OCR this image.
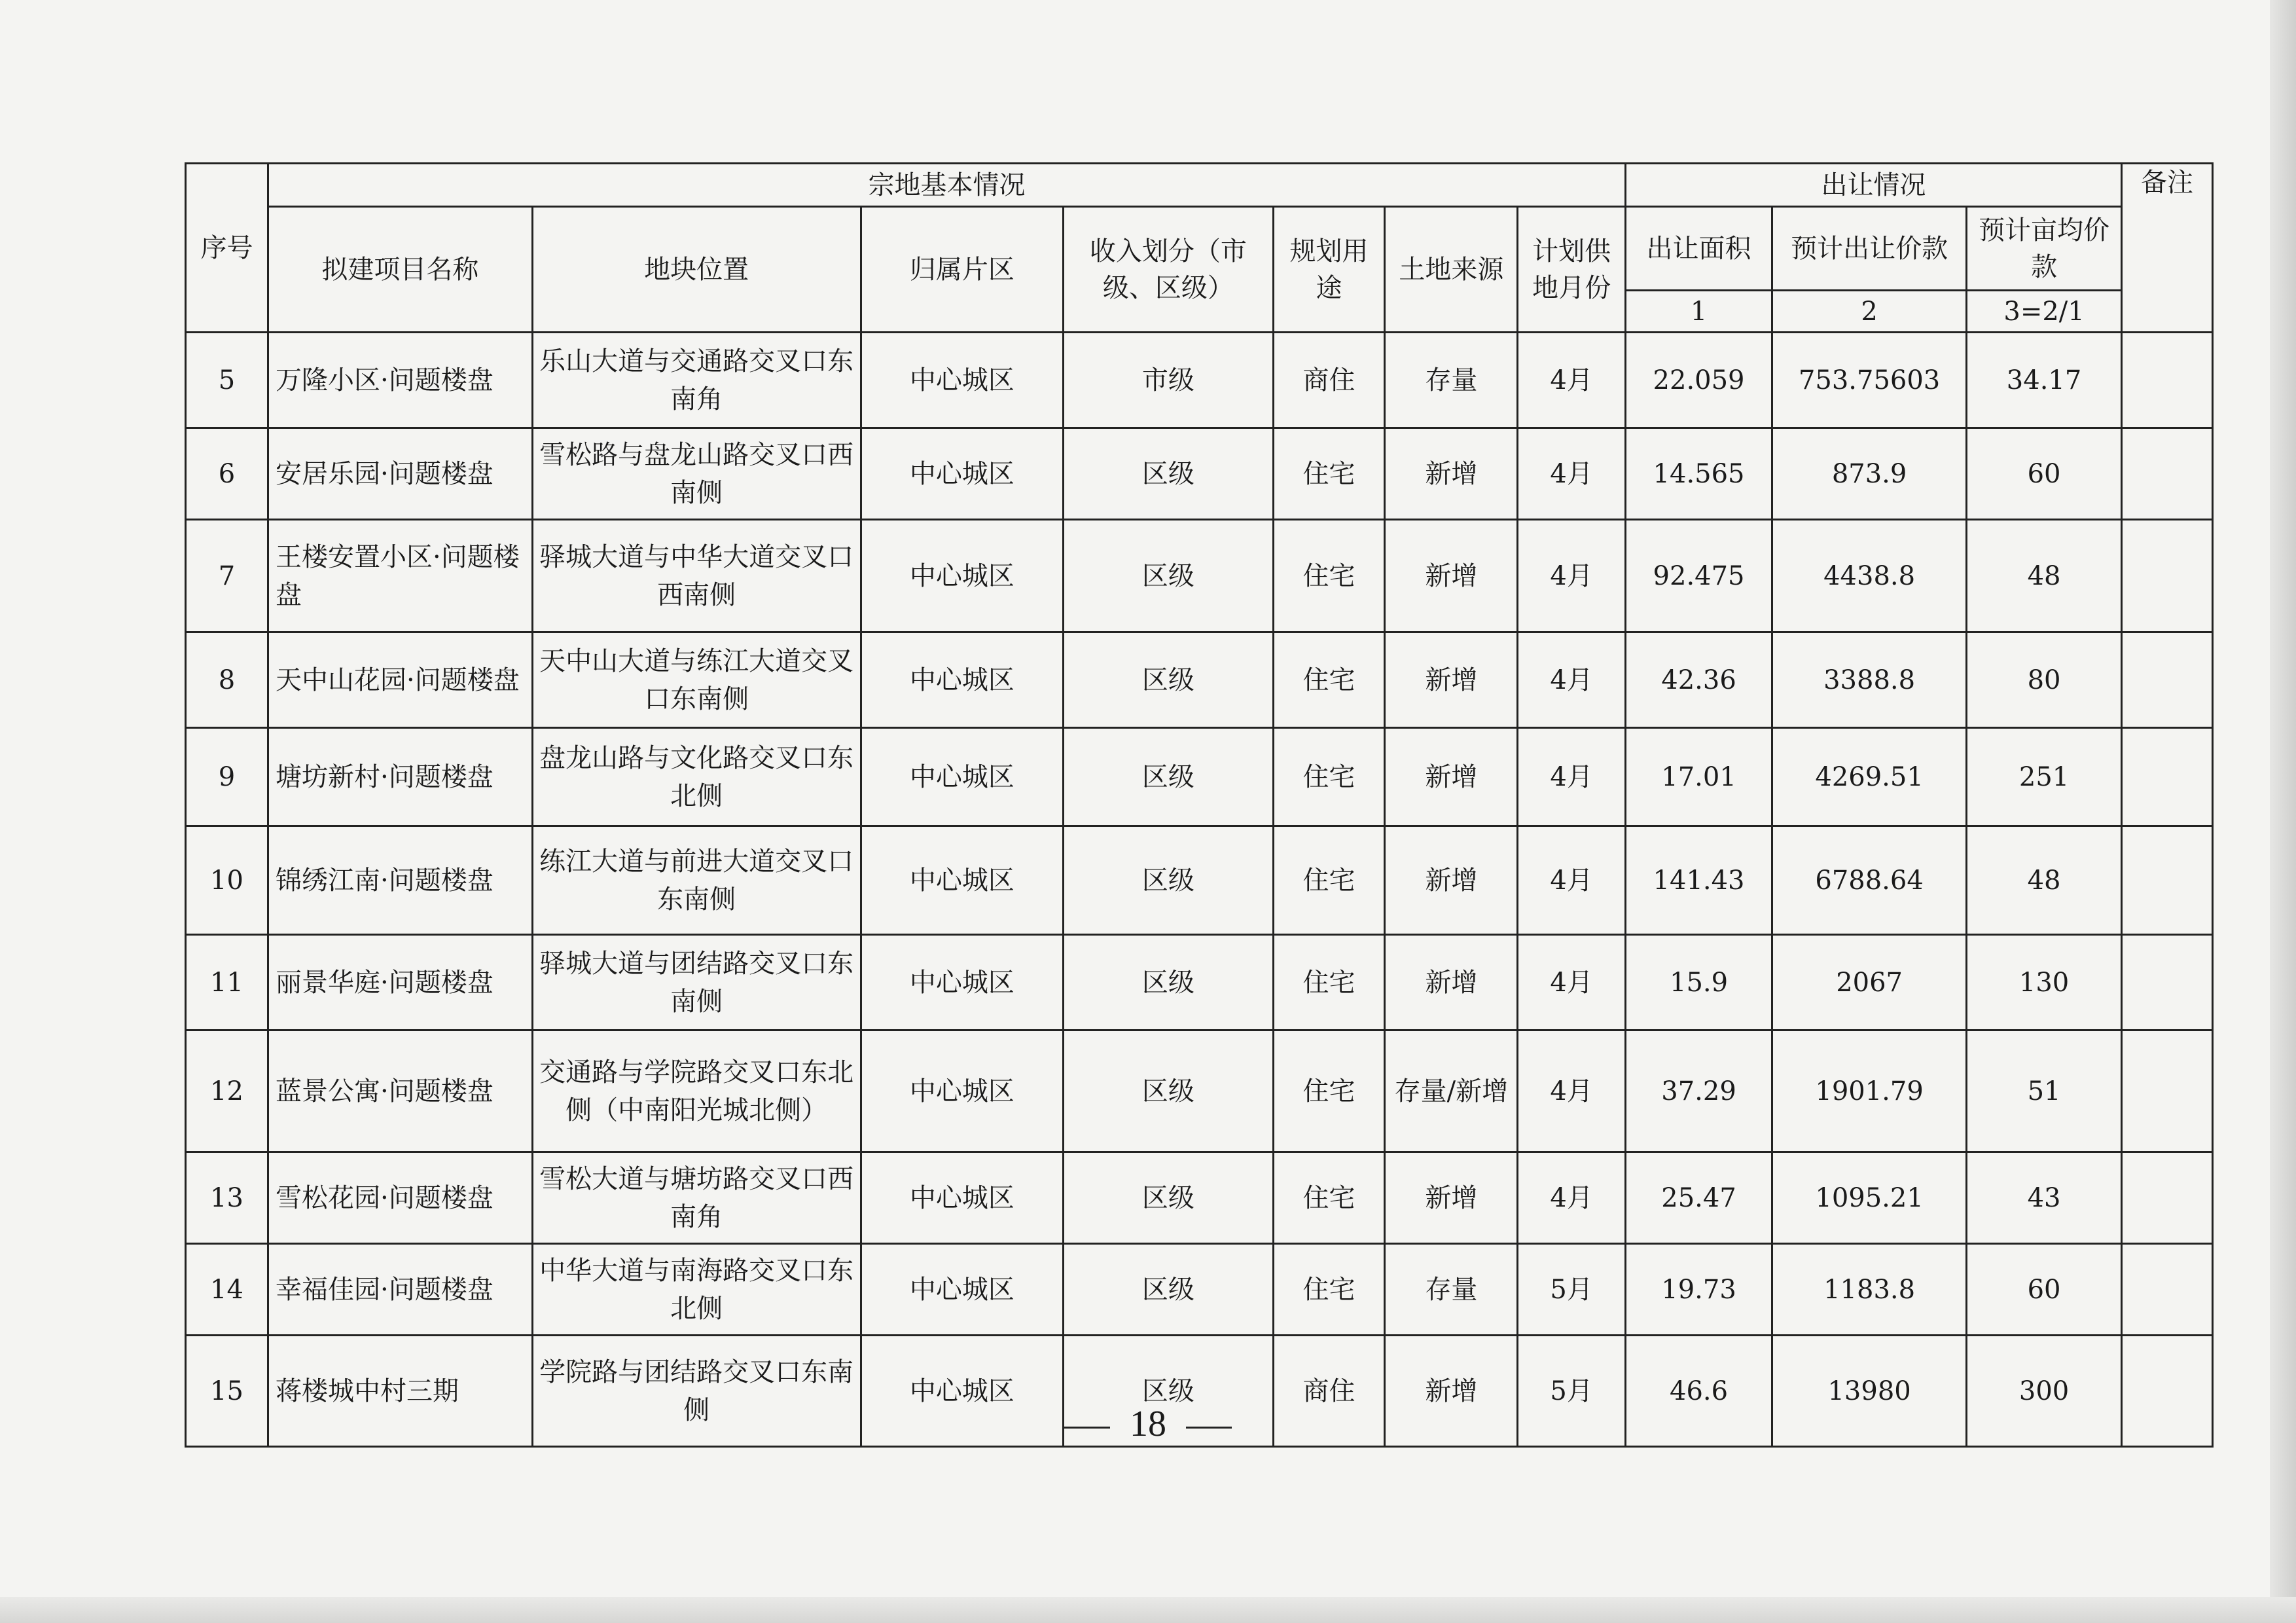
序号	宗地基本情况							出让情况			备注
	拟建项目名称	地块位置	归属片区	收入划分（市级、区级）	规划用途	土地来源	计划供地月份	出让面积	预计出让价款	预计亩均价款	
								1	2	3=2/1	
5	万隆小区·问题楼盘	乐山大道与交通路交叉口东南角	中心城区	市级	商住	存量	4月	22.059	753.75603	34.17	
6	安居乐园·问题楼盘	雪松路与盘龙山路交叉口西南侧	中心城区	区级	住宅	新增	4月	14.565	873.9	60	
7	王楼安置小区·问题楼盘	驿城大道与中华大道交叉口西南侧	中心城区	区级	住宅	新增	4月	92.475	4438.8	48	
8	天中山花园·问题楼盘	天中山大道与练江大道交叉口东南侧	中心城区	区级	住宅	新增	4月	42.36	3388.8	80	
9	塘坊新村·问题楼盘	盘龙山路与文化路交叉口东北侧	中心城区	区级	住宅	新增	4月	17.01	4269.51	251	
10	锦绣江南·问题楼盘	练江大道与前进大道交叉口东南侧	中心城区	区级	住宅	新增	4月	141.43	6788.64	48	
11	丽景华庭·问题楼盘	驿城大道与团结路交叉口东南侧	中心城区	区级	住宅	新增	4月	15.9	2067	130	
12	蓝景公寓·问题楼盘	交通路与学院路交叉口东北侧（中南阳光城北侧）	中心城区	区级	住宅	存量/新增	4月	37.29	1901.79	51	
13	雪松花园·问题楼盘	雪松大道与塘坊路交叉口西南角	中心城区	区级	住宅	新增	4月	25.47	1095.21	43	
14	幸福佳园·问题楼盘	中华大道与南海路交叉口东北侧	中心城区	区级	住宅	存量	5月	19.73	1183.8	60	
15	蒋楼城中村三期	学院路与团结路交叉口东南侧	中心城区	区级	商住	新增	5月	46.6	13980	300	
18
